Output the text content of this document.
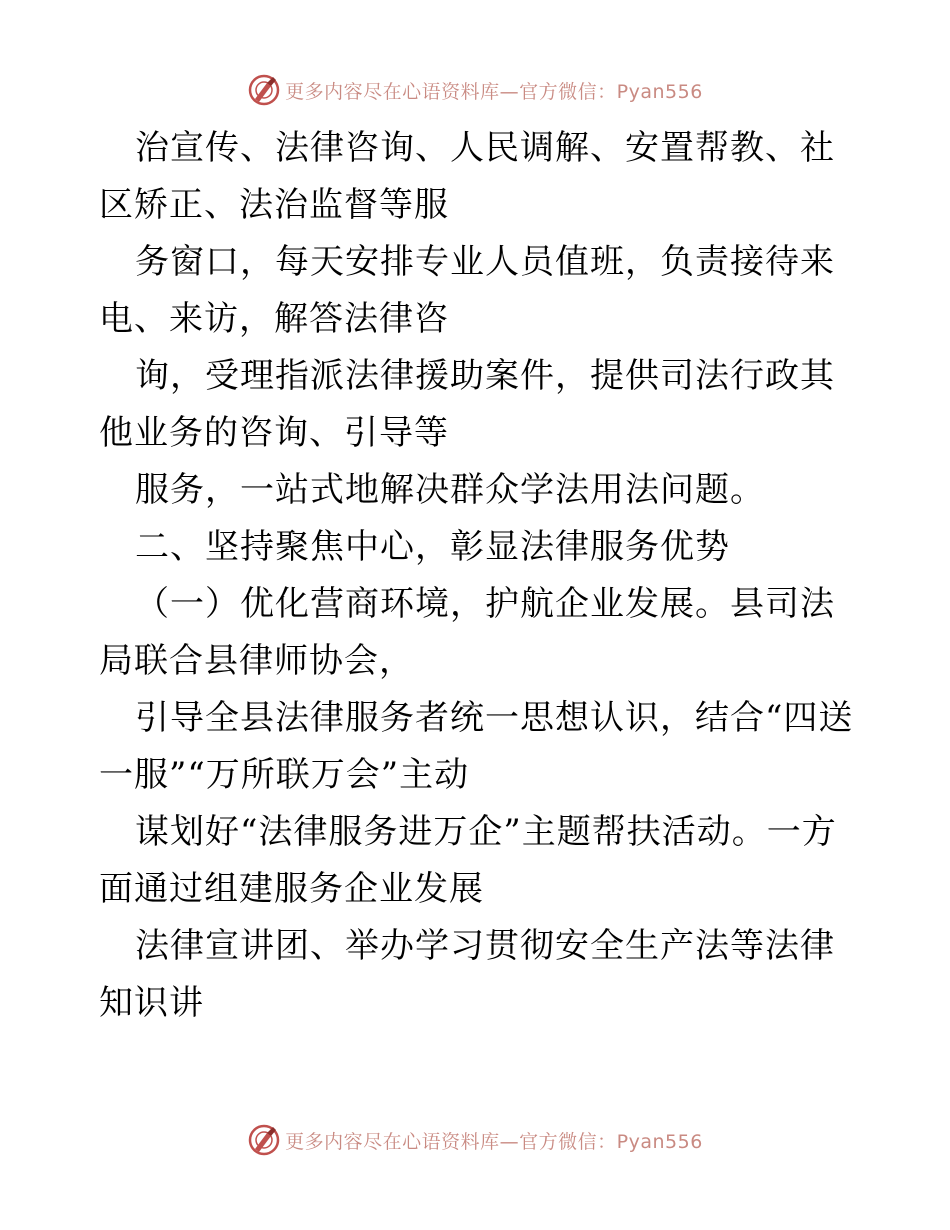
更多内容尽在心语资料库—官方微信：Pyan556

治宣传、法律咨询、人民调解、安置帮教、社区矫正、法治监督等服

务窗口，每天安排专业人员值班，负责接待来电、来访，解答法律咨

询，受理指派法律援助案件，提供司法行政其他业务的咨询、引导等

服务，一站式地解决群众学法用法问题。

二、坚持聚焦中心，彰显法律服务优势

（一）优化营商环境，护航企业发展。县司法局联合县律师协会，

引导全县法律服务者统一思想认识，结合“四送一服”“万所联万会”主动

谋划好“法律服务进万企”主题帮扶活动。一方面通过组建服务企业发展

法律宣讲团、举办学习贯彻安全生产法等法律知识讲

更多内容尽在心语资料库—官方微信：Pyan556
